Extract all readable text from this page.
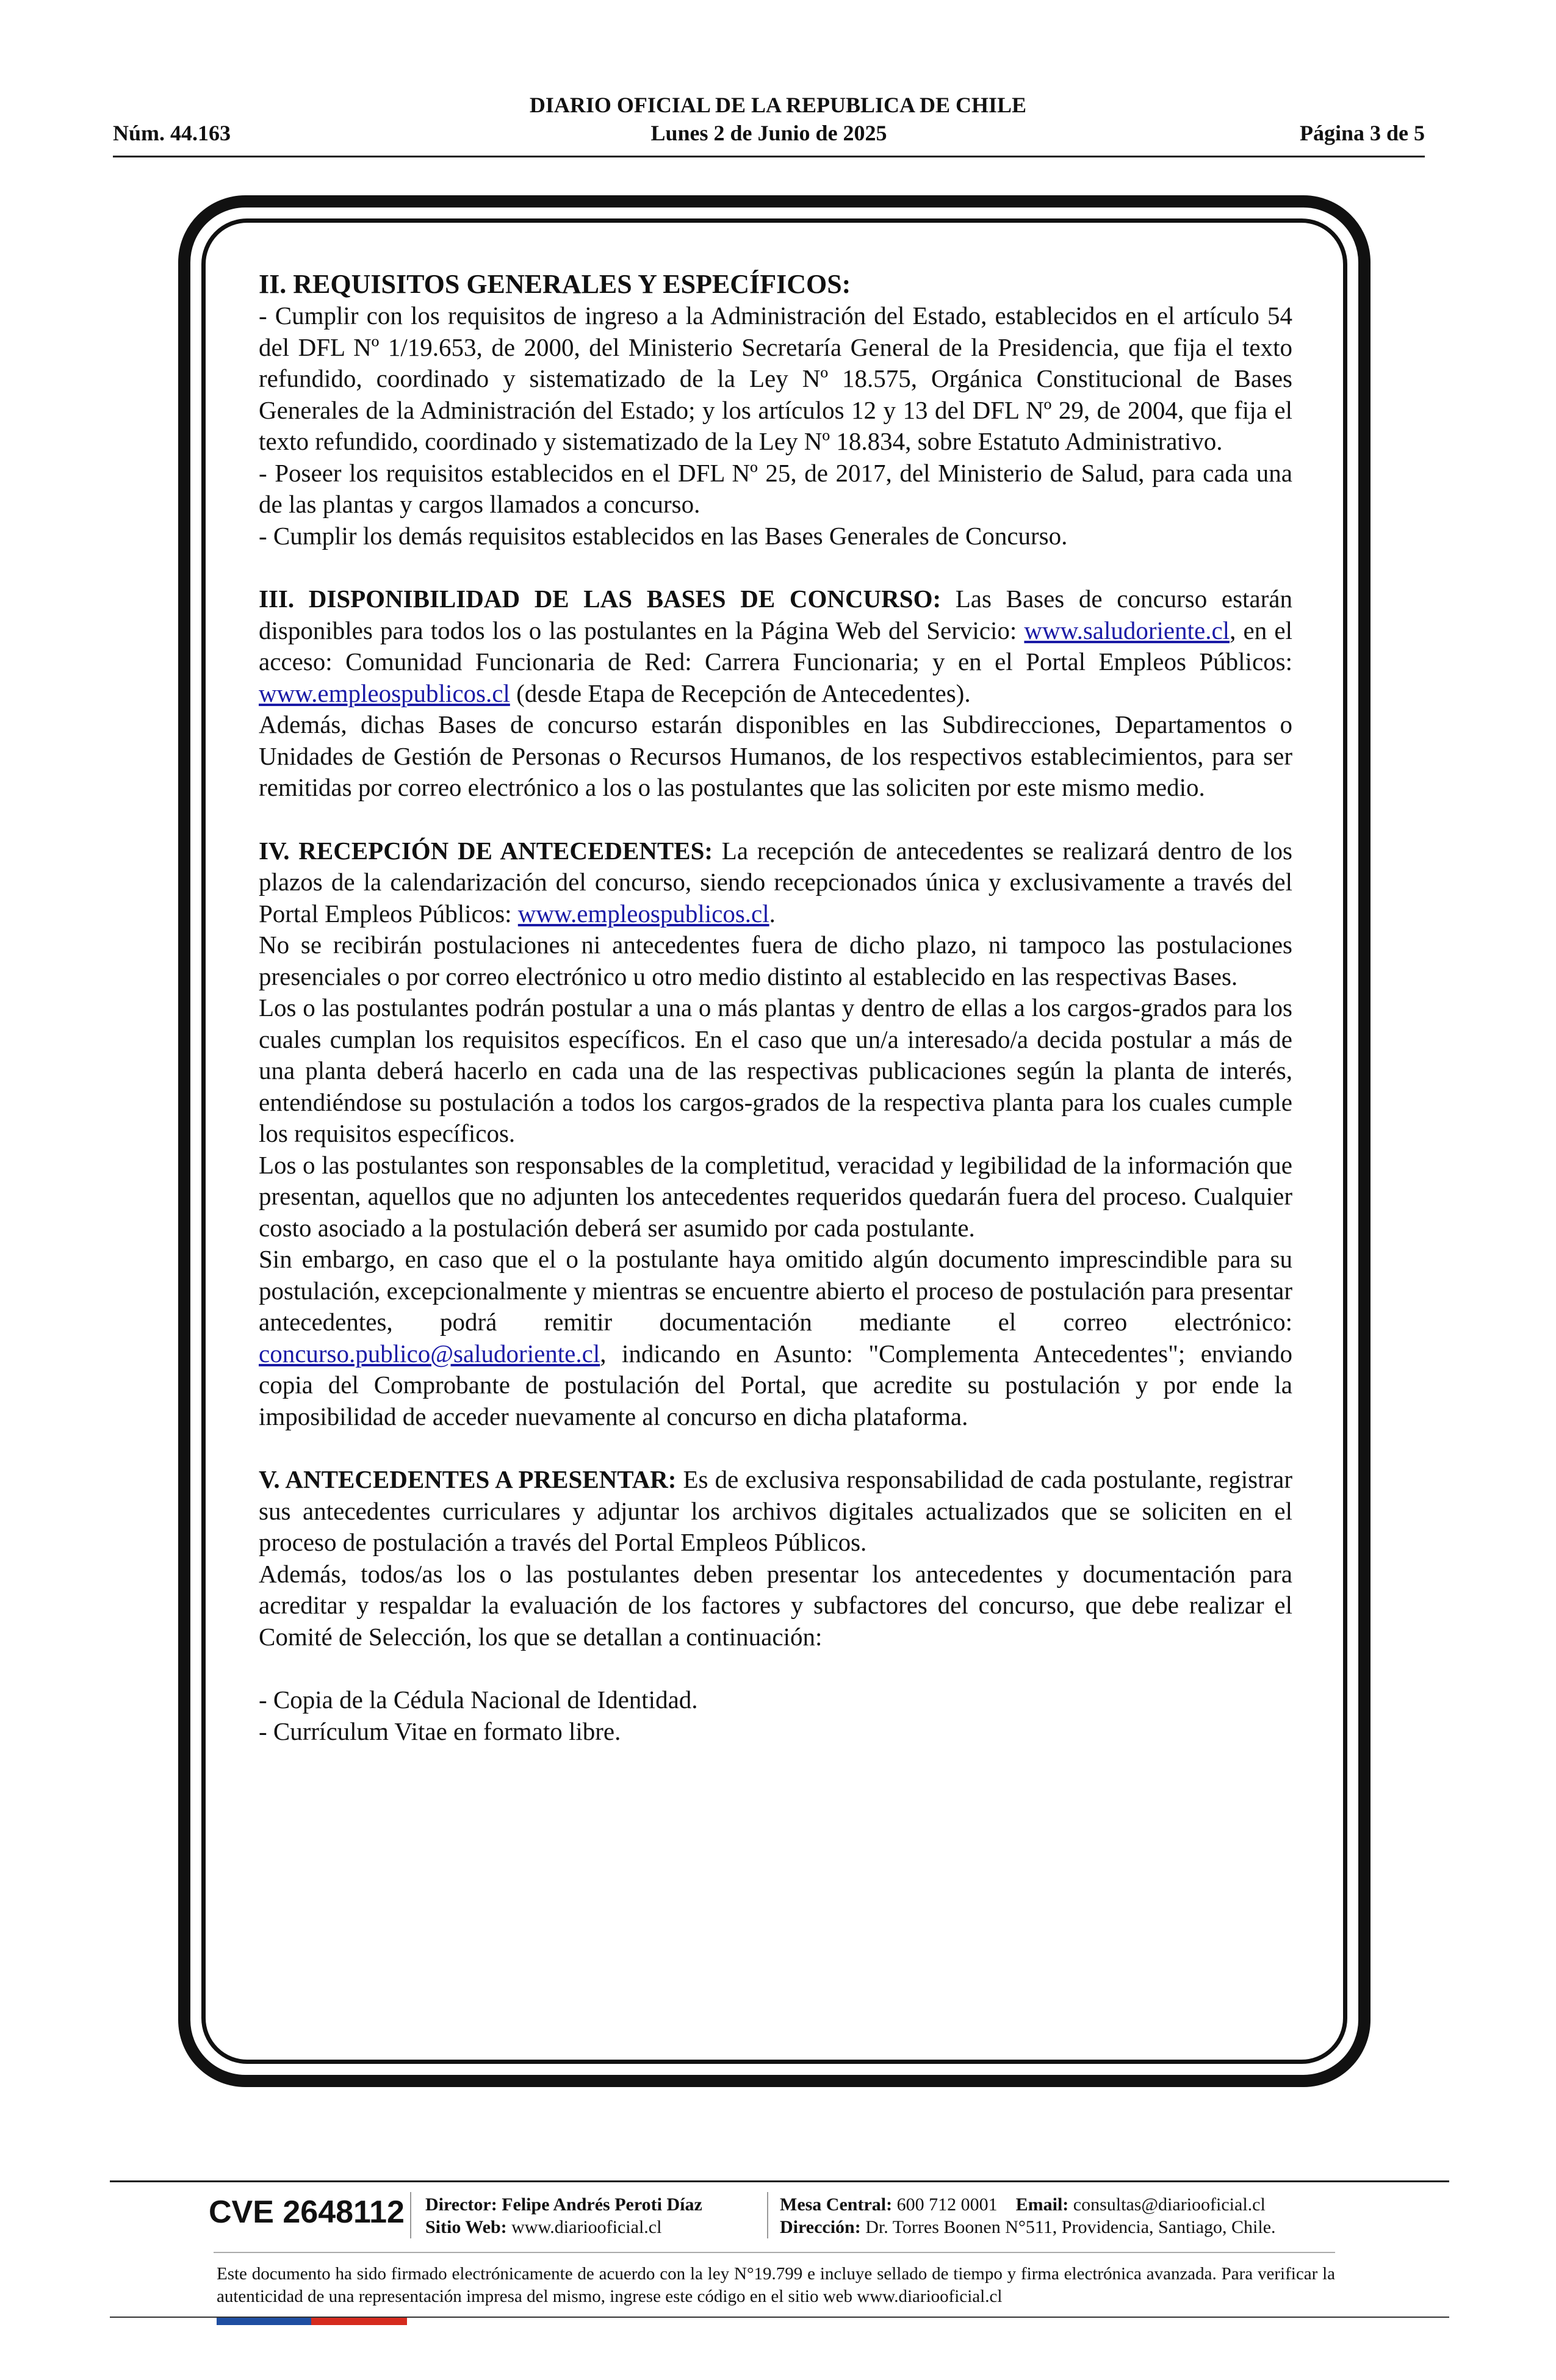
DIARIO OFICIAL DE LA REPUBLICA DE CHILE
Lunes 2 de Junio de 2025
Núm. 44.163	Página 3 de 5

II. REQUISITOS GENERALES Y ESPECÍFICOS:

- Cumplir con los requisitos de ingreso a la Administración del Estado, establecidos en el artículo 54 del DFL Nº 1/19.653, de 2000, del Ministerio Secretaría General de la Presidencia, que fija el texto refundido, coordinado y sistematizado de la Ley Nº 18.575, Orgánica Constitucional de Bases Generales de la Administración del Estado; y los artículos 12 y 13 del DFL Nº 29, de 2004, que fija el texto refundido, coordinado y sistematizado de la Ley Nº 18.834, sobre Estatuto Administrativo.

- Poseer los requisitos establecidos en el DFL Nº 25, de 2017, del Ministerio de Salud, para cada una de las plantas y cargos llamados a concurso.

- Cumplir los demás requisitos establecidos en las Bases Generales de Concurso.

III. DISPONIBILIDAD DE LAS BASES DE CONCURSO: Las Bases de concurso estarán disponibles para todos los o las postulantes en la Página Web del Servicio: www.saludoriente.cl, en el acceso: Comunidad Funcionaria de Red: Carrera Funcionaria; y en el Portal Empleos Públicos: www.empleospublicos.cl (desde Etapa de Recepción de Antecedentes).

Además, dichas Bases de concurso estarán disponibles en las Subdirecciones, Departamentos o Unidades de Gestión de Personas o Recursos Humanos, de los respectivos establecimientos, para ser remitidas por correo electrónico a los o las postulantes que las soliciten por este mismo medio.

IV. RECEPCIÓN DE ANTECEDENTES: La recepción de antecedentes se realizará dentro de los plazos de la calendarización del concurso, siendo recepcionados única y exclusivamente a través del Portal Empleos Públicos: www.empleospublicos.cl.

No se recibirán postulaciones ni antecedentes fuera de dicho plazo, ni tampoco las postulaciones presenciales o por correo electrónico u otro medio distinto al establecido en las respectivas Bases.

Los o las postulantes podrán postular a una o más plantas y dentro de ellas a los cargos-grados para los cuales cumplan los requisitos específicos. En el caso que un/a interesado/a decida postular a más de una planta deberá hacerlo en cada una de las respectivas publicaciones según la planta de interés, entendiéndose su postulación a todos los cargos-grados de la respectiva planta para los cuales cumple los requisitos específicos.

Los o las postulantes son responsables de la completitud, veracidad y legibilidad de la información que presentan, aquellos que no adjunten los antecedentes requeridos quedarán fuera del proceso. Cualquier costo asociado a la postulación deberá ser asumido por cada postulante.

Sin embargo, en caso que el o la postulante haya omitido algún documento imprescindible para su postulación, excepcionalmente y mientras se encuentre abierto el proceso de postulación para presentar antecedentes, podrá remitir documentación mediante el correo electrónico: concurso.publico@saludoriente.cl, indicando en Asunto: "Complementa Antecedentes"; enviando copia del Comprobante de postulación del Portal, que acredite su postulación y por ende la imposibilidad de acceder nuevamente al concurso en dicha plataforma.

V. ANTECEDENTES A PRESENTAR: Es de exclusiva responsabilidad de cada postulante, registrar sus antecedentes curriculares y adjuntar los archivos digitales actualizados que se soliciten en el proceso de postulación a través del Portal Empleos Públicos.

Además, todos/as los o las postulantes deben presentar los antecedentes y documentación para acreditar y respaldar la evaluación de los factores y subfactores del concurso, que debe realizar el Comité de Selección, los que se detallan a continuación:

- Copia de la Cédula Nacional de Identidad.

- Currículum Vitae en formato libre.

CVE 2648112 Director: Felipe Andrés Peroti Díaz
Sitio Web: www.diariooficial.cl
Mesa Central: 600 712 0001 Email: consultas@diariooficial.cl
Dirección: Dr. Torres Boonen N°511, Providencia, Santiago, Chile.
Este documento ha sido firmado electrónicamente de acuerdo con la ley N°19.799 e incluye sellado de tiempo y firma electrónica avanzada. Para verificar la autenticidad de una representación impresa del mismo, ingrese este código en el sitio web www.diariooficial.cl
